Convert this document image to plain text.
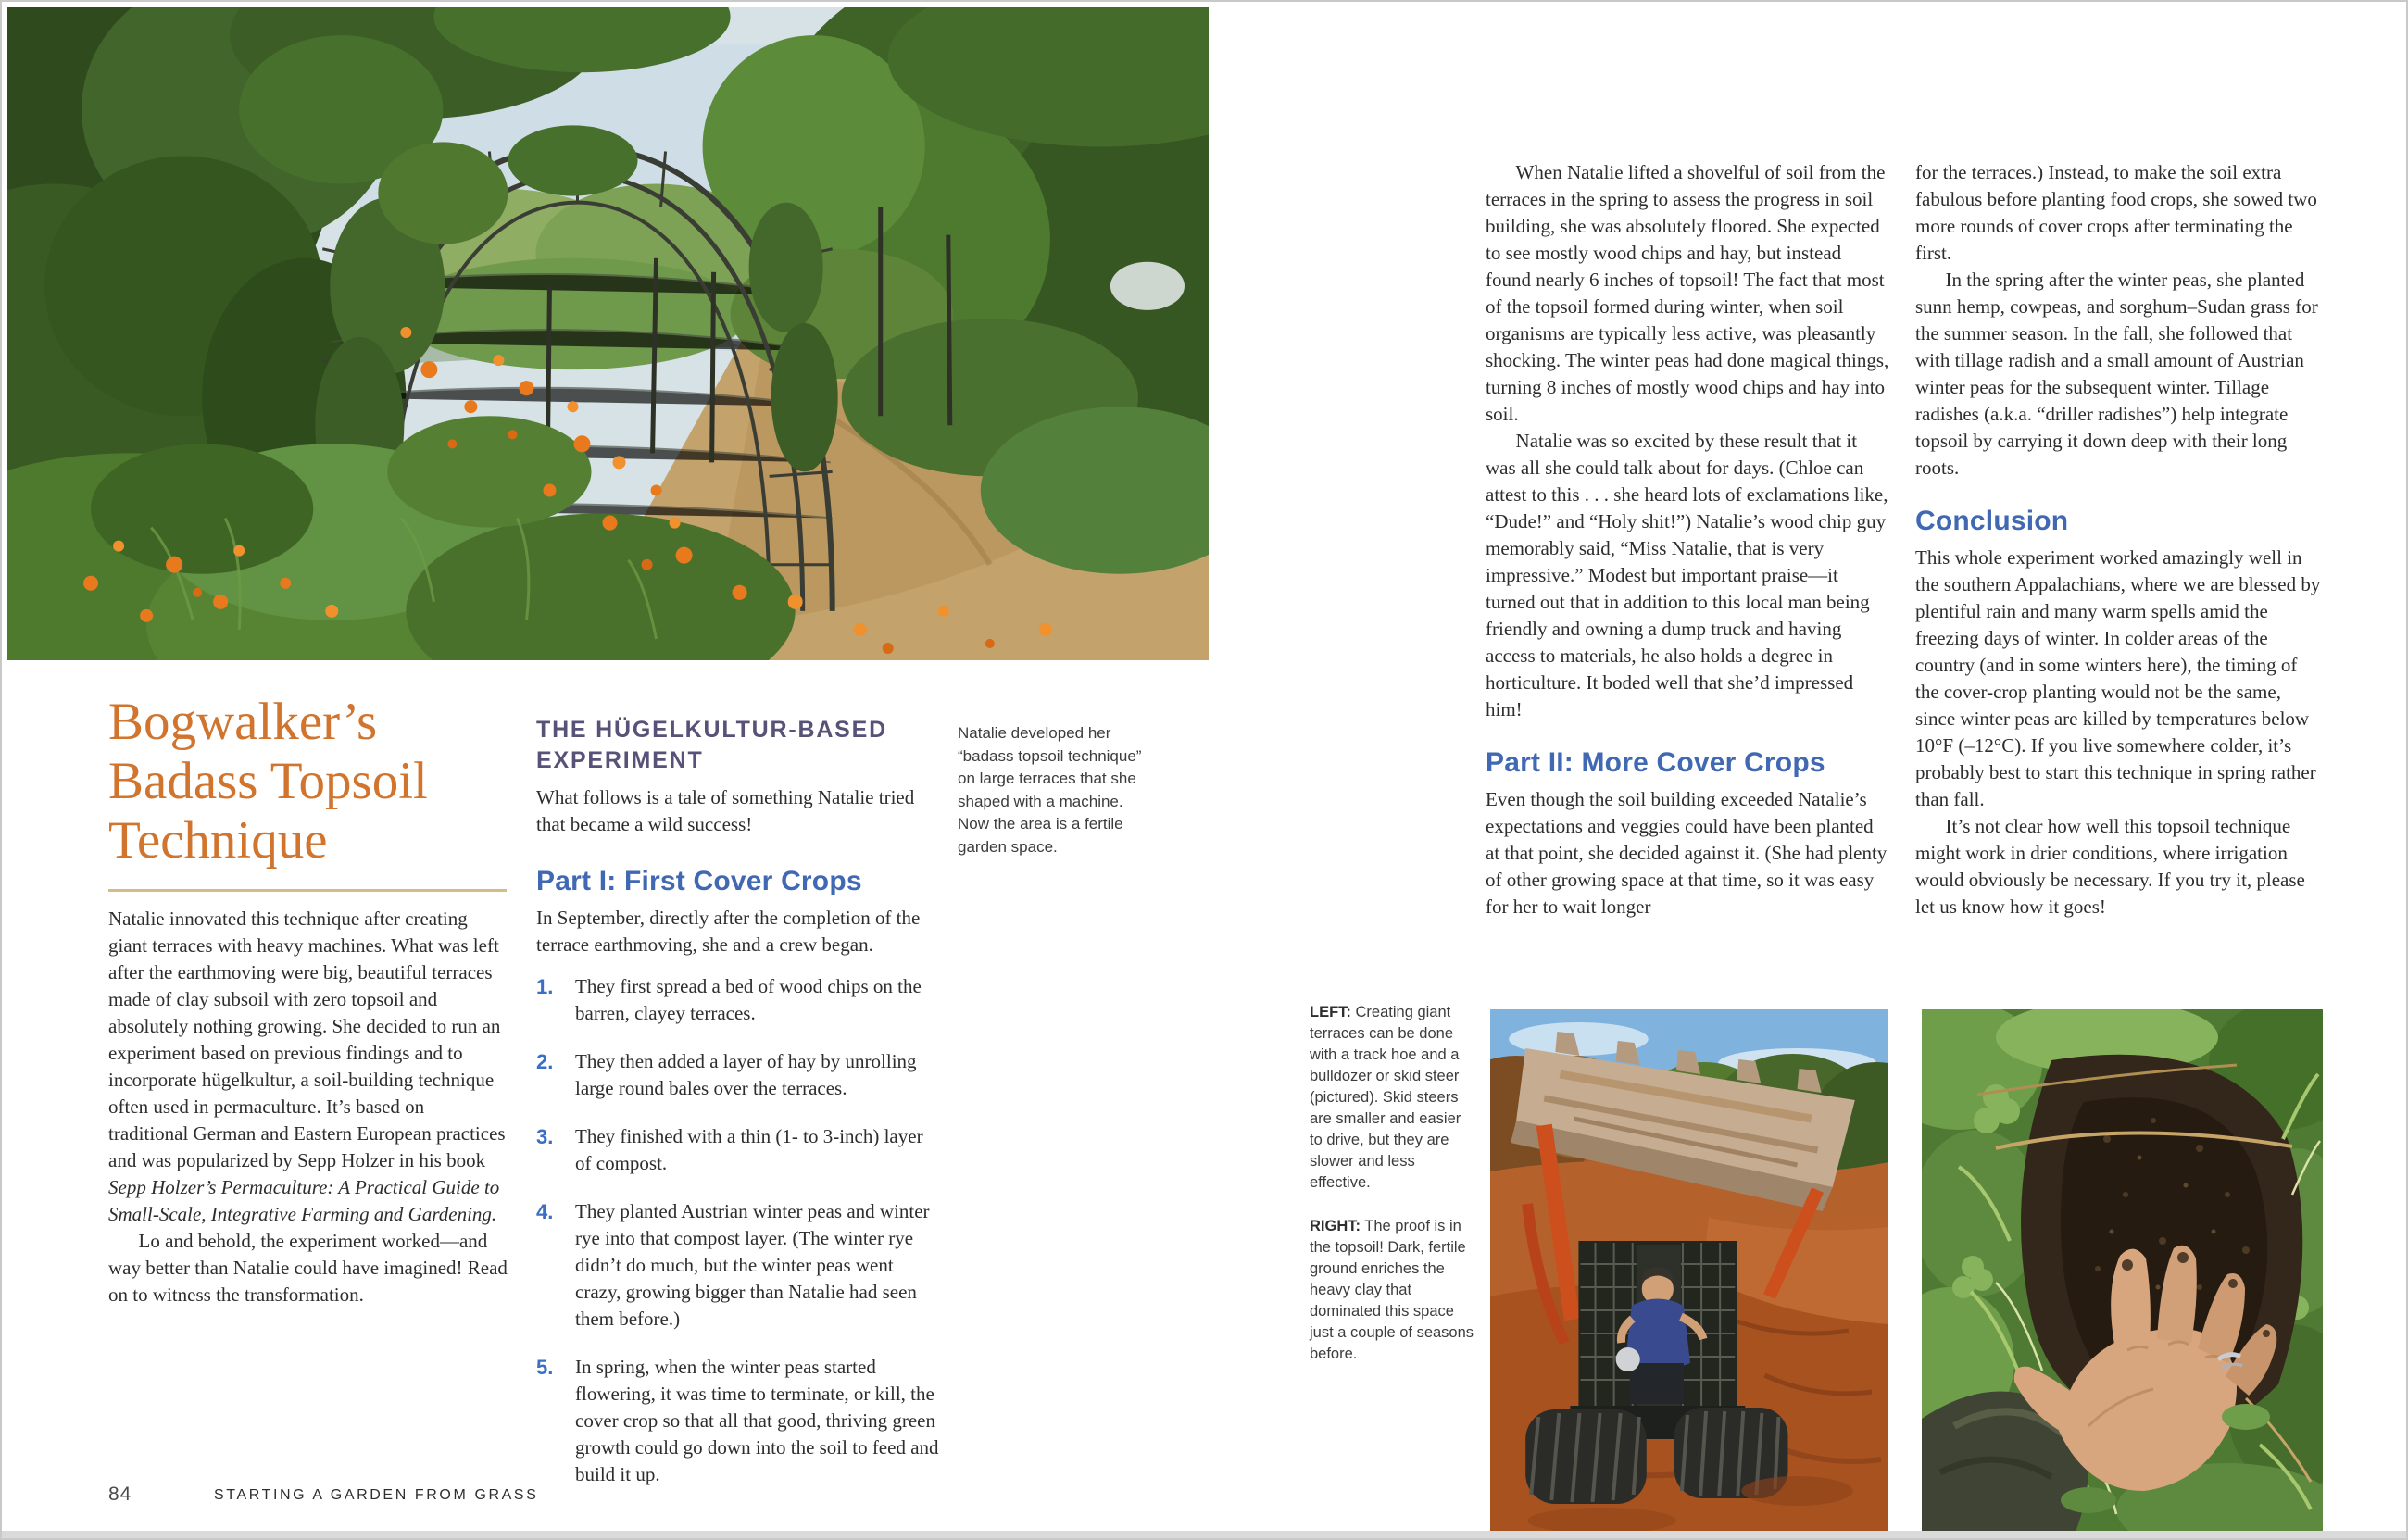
Bogwalker’s Badass Topsoil Technique

Natalie innovated this technique after creating giant terraces with heavy machines. What was left after the earthmoving were big, beautiful terraces made of clay subsoil with zero topsoil and absolutely nothing growing. She decided to run an experiment based on previous findings and to incorporate hügelkultur, a soil-building technique often used in permaculture. It’s based on traditional German and Eastern European practices and was popularized by Sepp Holzer in his book Sepp Holzer’s Permaculture: A Practical Guide to Small-Scale, Integrative Farming and Gardening.

Lo and behold, the experiment worked—and way better than Natalie could have imagined! Read on to witness the transformation.

THE HÜGELKULTUR-BASED EXPERIMENT

What follows is a tale of something Natalie tried that became a wild success!

Part I: First Cover Crops

In September, directly after the completion of the terrace earthmoving, she and a crew began.

1.	They first spread a bed of wood chips on the barren, clayey terraces.
2.	They then added a layer of hay by unrolling large round bales over the terraces.
3.	They finished with a thin (1- to 3-inch) layer of compost.
4.	They planted Austrian winter peas and winter rye into that compost layer. (The winter rye didn’t do much, but the winter peas went crazy, growing bigger than Natalie had seen them before.)
5.	In spring, when the winter peas started flowering, it was time to terminate, or kill, the cover crop so that all that good, thriving green growth could go down into the soil to feed and build it up.

Natalie developed her “badass topsoil technique” on large terraces that she shaped with a machine. Now the area is a fertile garden space.

When Natalie lifted a shovelful of soil from the terraces in the spring to assess the progress in soil building, she was absolutely floored. She expected to see mostly wood chips and hay, but instead found nearly 6 inches of topsoil! The fact that most of the topsoil formed during winter, when soil organisms are typically less active, was pleasantly shocking. The winter peas had done magical things, turning 8 inches of mostly wood chips and hay into soil.

Natalie was so excited by these result that it was all she could talk about for days. (Chloe can attest to this . . . she heard lots of exclamations like, “Dude!” and “Holy shit!”) Natalie’s wood chip guy memorably said, “Miss Natalie, that is very impressive.” Modest but important praise—it turned out that in addition to this local man being friendly and owning a dump truck and having access to materials, he also holds a degree in horticulture. It boded well that she’d impressed him!

Part II: More Cover Crops

Even though the soil building exceeded Natalie’s expectations and veggies could have been planted at that point, she decided against it. (She had plenty of other growing space at that time, so it was easy for her to wait longer

for the terraces.) Instead, to make the soil extra fabulous before planting food crops, she sowed two more rounds of cover crops after terminating the first.

In the spring after the winter peas, she planted sunn hemp, cowpeas, and sorghum–Sudan grass for the summer season. In the fall, she followed that with tillage radish and a small amount of Austrian winter peas for the subsequent winter. Tillage radishes (a.k.a. “driller radishes”) help integrate topsoil by carrying it down deep with their long roots.

Conclusion

This whole experiment worked amazingly well in the southern Appalachians, where we are blessed by plentiful rain and many warm spells amid the freezing days of winter. In colder areas of the country (and in some winters here), the timing of the cover-crop planting would not be the same, since winter peas are killed by temperatures below 10°F (–12°C). If you live somewhere colder, it’s probably best to start this technique in spring rather than fall.

It’s not clear how well this topsoil technique might work in drier conditions, where irrigation would obviously be necessary. If you try it, please let us know how it goes!

LEFT: Creating giant terraces can be done with a track hoe and a bulldozer or skid steer (pictured). Skid steers are smaller and easier to drive, but they are slower and less effective.

RIGHT: The proof is in the topsoil! Dark, fertile ground enriches the heavy clay that dominated this space just a couple of seasons before.

84	STARTING A GARDEN FROM GRASS
